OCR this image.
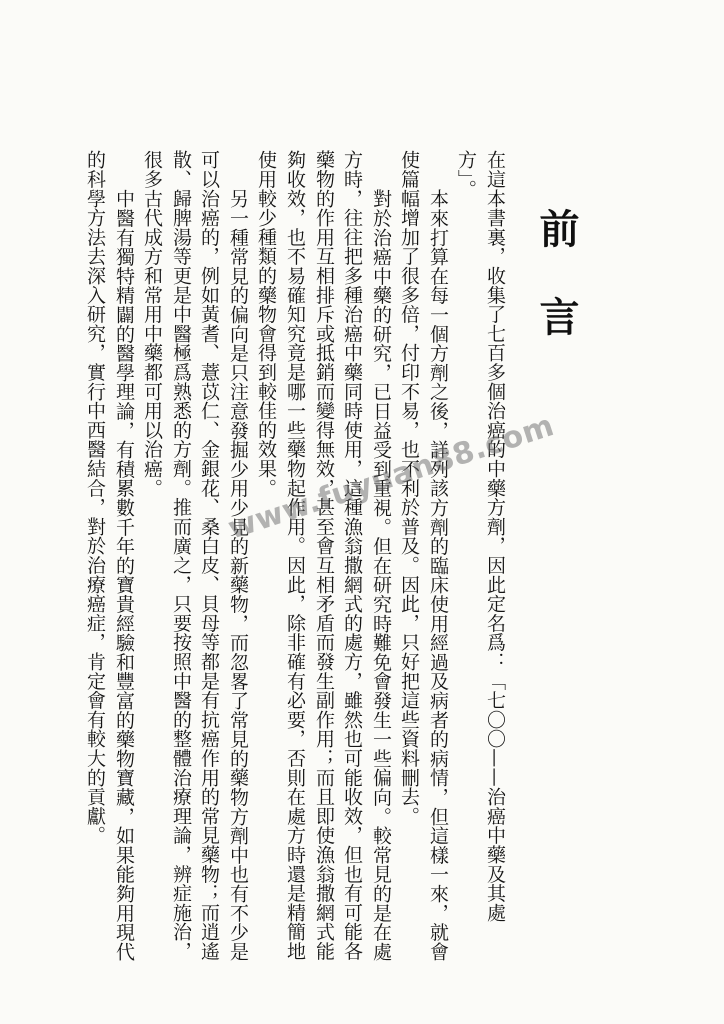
前言
在這本書裏，收集了七百多個治癌的中藥方劑，因此定名爲：「七〇〇——治癌中藥及其處
方」。
本來打算在每一個方劑之後，詳列該方劑的臨床使用經過及病者的病情，但這樣一來，就會
使篇幅增加了很多倍，付印不易，也不利於普及。因此，只好把這些資料刪去。
對於治癌中藥的研究，已日益受到重視。但在研究時難免會發生一些偏向。較常見的是在處
方時，往往把多種治癌中藥同時使用，這種漁翁撒網式的處方，雖然也可能收效，但也有可能各
藥物的作用互相排斥或抵銷而變得無效，甚至會互相矛盾而發生副作用；而且即使漁翁撒網式能
夠收效，也不易確知究竟是哪一些藥物起作用。因此，除非確有必要，否則在處方時還是精簡地
使用較少種類的藥物會得到較佳的效果。
另一種常見的偏向是只注意發掘少用少見的新藥物，而忽畧了常見的藥物方劑中也有不少是
可以治癌的，例如黃耆、薏苡仁、金銀花、桑白皮、貝母等都是有抗癌作用的常見藥物；而逍遙
散、歸脾湯等更是中醫極爲熟悉的方劑。推而廣之，只要按照中醫的整體治療理論，辨症施治，
很多古代成方和常用中藥都可用以治癌。
中醫有獨特精闢的醫學理論，有積累數千年的寶貴經驗和豐富的藥物寶藏，如果能夠用現代
的科學方法去深入研究，實行中西醫結合，對於治療癌症，肯定會有較大的貢獻。	www.fuyuan88.com
